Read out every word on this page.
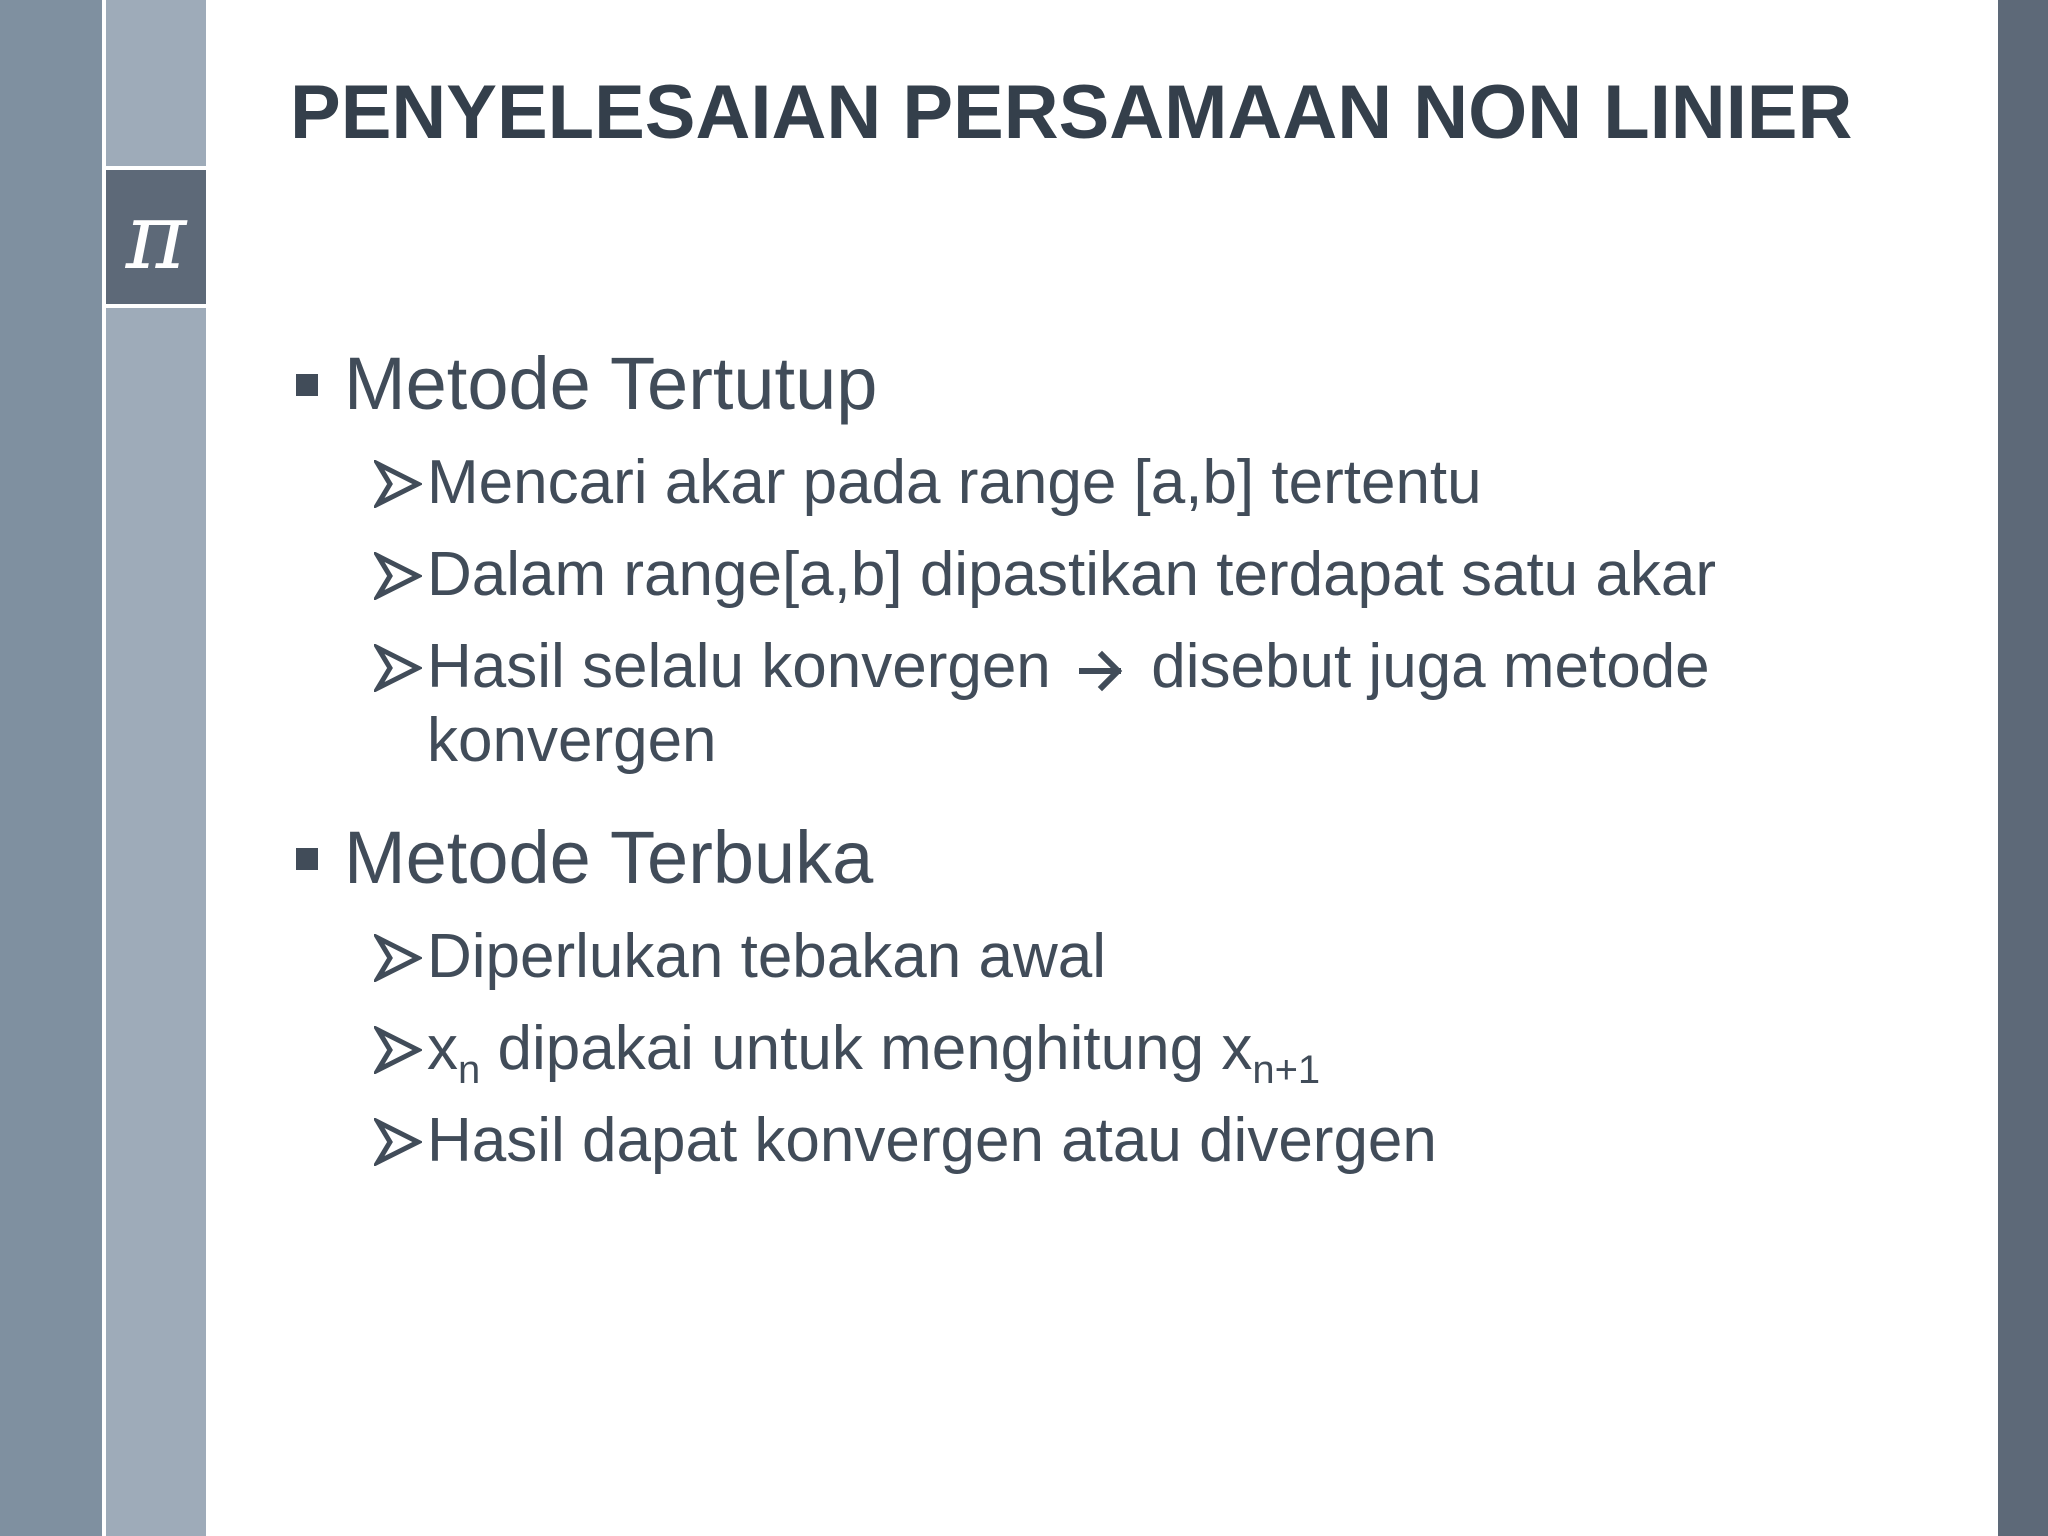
π
PENYELESAIAN PERSAMAAN NON LINIER

Metode Tertutup

Mencari akar pada range [a,b] tertentu

Dalam range[a,b] dipastikan terdapat satu akar

Hasil selalu konvergen disebut juga metode konvergen

Metode Terbuka

Diperlukan tebakan awal

$x_n$ dipakai untuk menghitung $x_{n+1}$

Hasil dapat konvergen atau divergen
